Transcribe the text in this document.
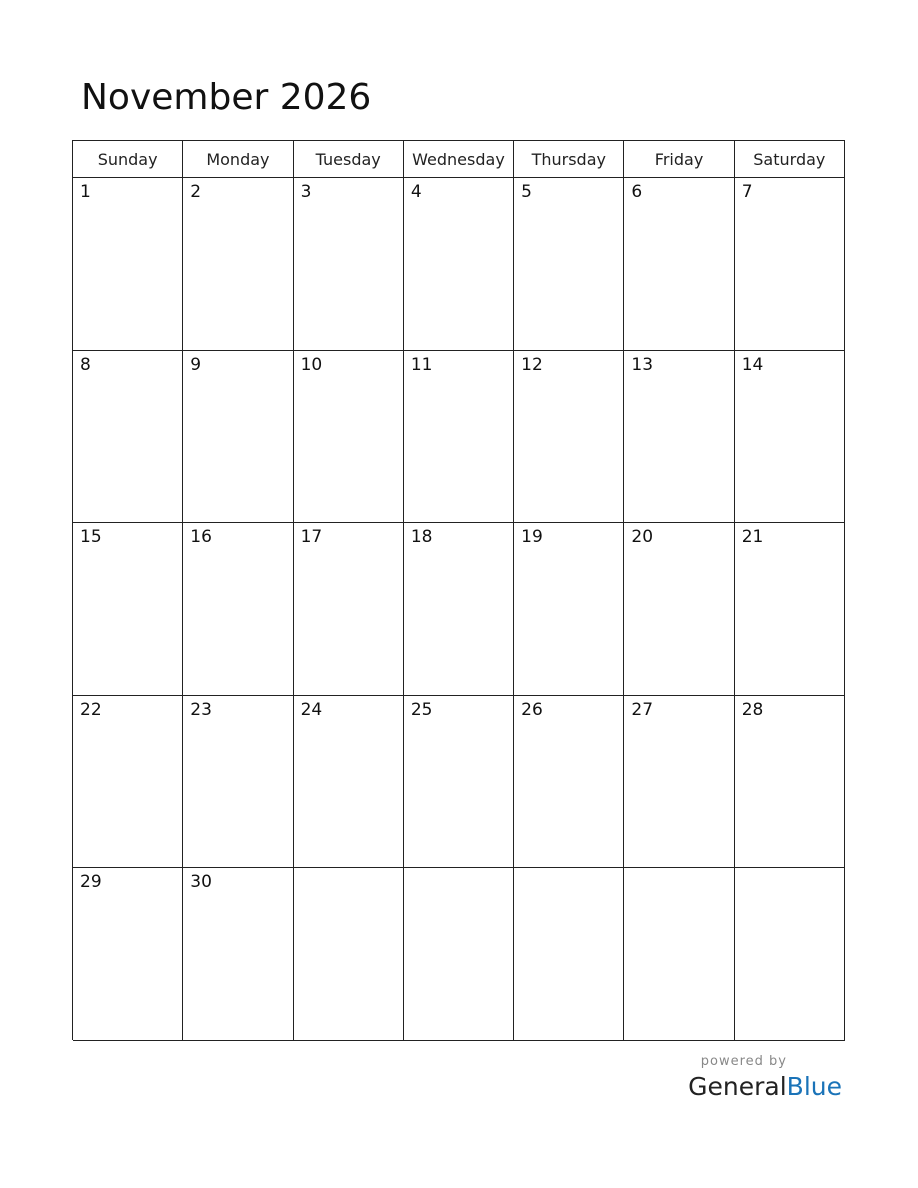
November 2026
Sunday	Monday	Tuesday	Wednesday	Thursday	Friday	Saturday
1	2	3	4	5	6	7
8	9	10	11	12	13	14
15	16	17	18	19	20	21
22	23	24	25	26	27	28
29	30
powered by
GeneralBlue
